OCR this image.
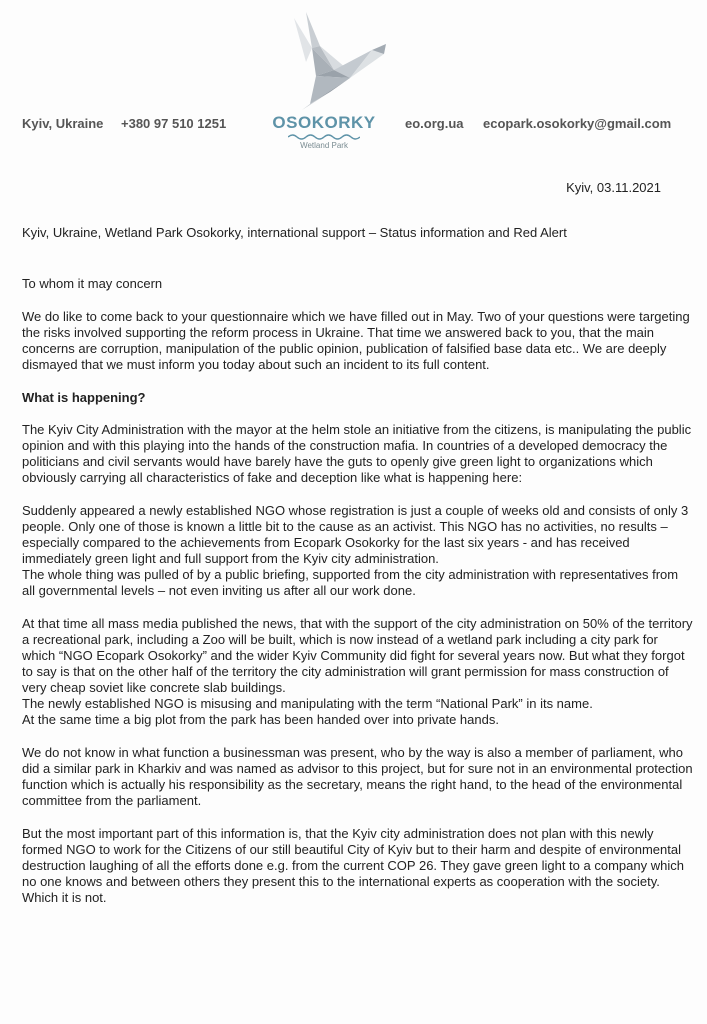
Kyiv, Ukraine +380 97 510 1251	OSOKORKY
Wetland Park
eo.org.ua ecopark.osokorky@gmail.com
Kyiv, 03.11.2021

Kyiv, Ukraine, Wetland Park Osokorky, international support – Status information and Red Alert

To whom it may concern

We do like to come back to your questionnaire which we have filled out in May. Two of your questions were targeting the risks involved supporting the reform process in Ukraine. That time we answered back to you, that the main concerns are corruption, manipulation of the public opinion, publication of falsified base data etc.. We are deeply dismayed that we must inform you today about such an incident to its full content.

What is happening?

The Kyiv City Administration with the mayor at the helm stole an initiative from the citizens, is manipulating the public opinion and with this playing into the hands of the construction mafia. In countries of a developed democracy the politicians and civil servants would have barely have the guts to openly give green light to organizations which obviously carrying all characteristics of fake and deception like what is happening here:

Suddenly appeared a newly established NGO whose registration is just a couple of weeks old and consists of only 3 people. Only one of those is known a little bit to the cause as an activist. This NGO has no activities, no results – especially compared to the achievements from Ecopark Osokorky for the last six years - and has received immediately green light and full support from the Kyiv city administration.

The whole thing was pulled of by a public briefing, supported from the city administration with representatives from all governmental levels – not even inviting us after all our work done.

At that time all mass media published the news, that with the support of the city administration on 50% of the territory a recreational park, including a Zoo will be built, which is now instead of a wetland park including a city park for which “NGO Ecopark Osokorky” and the wider Kyiv Community did fight for several years now. But what they forgot to say is that on the other half of the territory the city administration will grant permission for mass construction of very cheap soviet like concrete slab buildings.

The newly established NGO is misusing and manipulating with the term “National Park” in its name.

At the same time a big plot from the park has been handed over into private hands.

We do not know in what function a businessman was present, who by the way is also a member of parliament, who did a similar park in Kharkiv and was named as advisor to this project, but for sure not in an environmental protection function which is actually his responsibility as the secretary, means the right hand, to the head of the environmental committee from the parliament.

But the most important part of this information is, that the Kyiv city administration does not plan with this newly formed NGO to work for the Citizens of our still beautiful City of Kyiv but to their harm and despite of environmental destruction laughing of all the efforts done e.g. from the current COP 26. They gave green light to a company which no one knows and between others they present this to the international experts as cooperation with the society. Which it is not.
